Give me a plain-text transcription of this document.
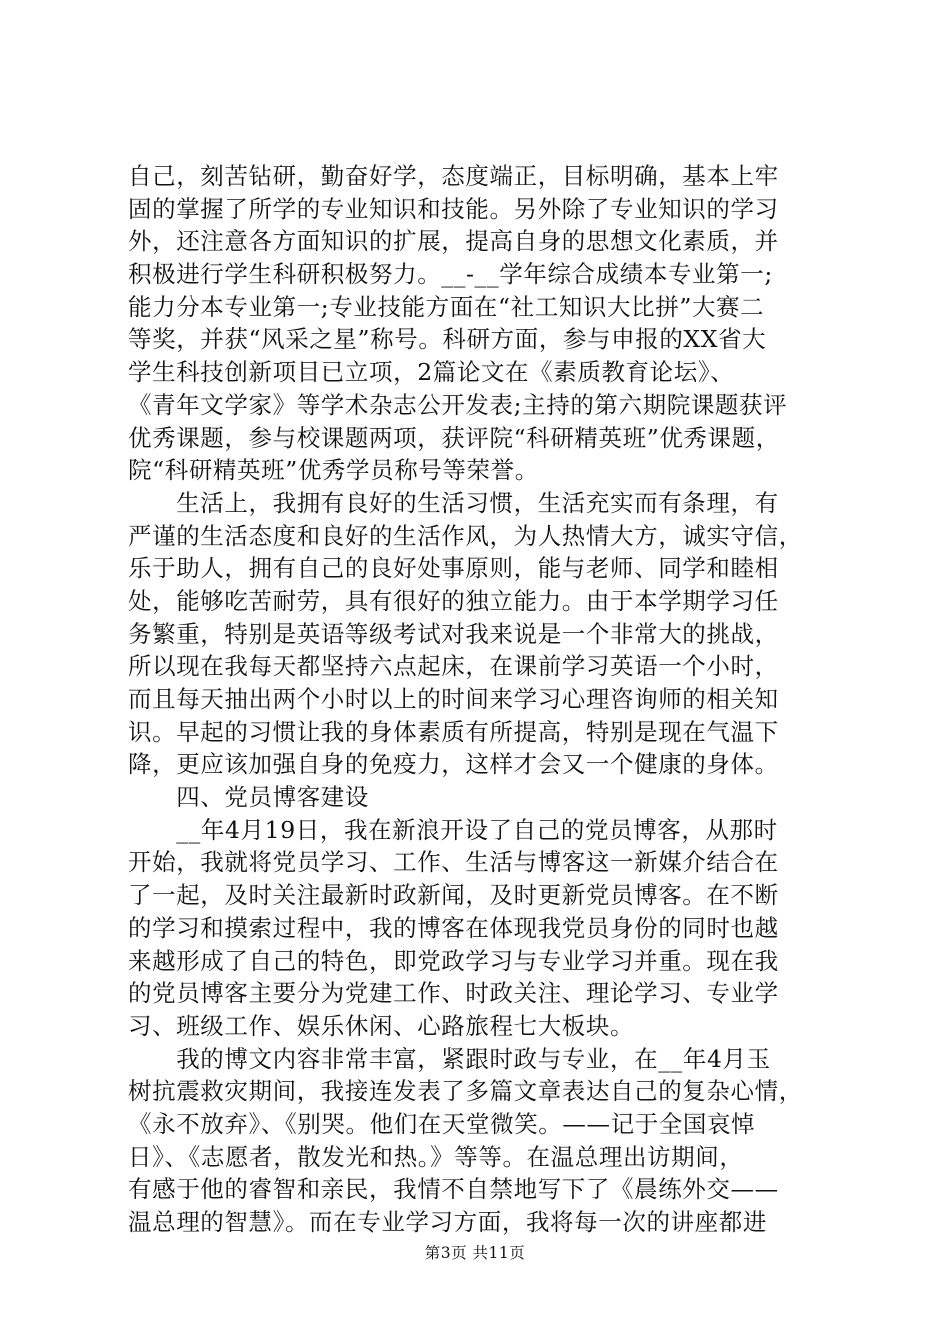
自己，刻苦钻研，勤奋好学，态度端正，目标明确，基本上牢
固的掌握了所学的专业知识和技能。另外除了专业知识的学习
外，还注意各方面知识的扩展，提高自身的思想文化素质，并
积极进行学生科研积极努力。__-__学年综合成绩本专业第一;
能力分本专业第一;专业技能方面在“社工知识大比拼”大赛二
等奖，并获“风采之星”称号。科研方面，参与申报的XX省大
学生科技创新项目已立项，2篇论文在《素质教育论坛》、
《青年文学家》等学术杂志公开发表;主持的第六期院课题获评
优秀课题，参与校课题两项，获评院“科研精英班”优秀课题，
院“科研精英班”优秀学员称号等荣誉。
　　生活上，我拥有良好的生活习惯，生活充实而有条理，有
严谨的生活态度和良好的生活作风，为人热情大方，诚实守信，
乐于助人，拥有自己的良好处事原则，能与老师、同学和睦相
处，能够吃苦耐劳，具有很好的独立能力。由于本学期学习任
务繁重，特别是英语等级考试对我来说是一个非常大的挑战，
所以现在我每天都坚持六点起床，在课前学习英语一个小时，
而且每天抽出两个小时以上的时间来学习心理咨询师的相关知
识。早起的习惯让我的身体素质有所提高，特别是现在气温下
降，更应该加强自身的免疫力，这样才会又一个健康的身体。
　　四、党员博客建设
　　__年4月19日，我在新浪开设了自己的党员博客，从那时
开始，我就将党员学习、工作、生活与博客这一新媒介结合在
了一起，及时关注最新时政新闻，及时更新党员博客。在不断
的学习和摸索过程中，我的博客在体现我党员身份的同时也越
来越形成了自己的特色，即党政学习与专业学习并重。现在我
的党员博客主要分为党建工作、时政关注、理论学习、专业学
习、班级工作、娱乐休闲、心路旅程七大板块。
　　我的博文内容非常丰富，紧跟时政与专业，在__年4月玉
树抗震救灾期间，我接连发表了多篇文章表达自己的复杂心情，
《永不放弃》、《别哭。他们在天堂微笑。——记于全国哀悼
日》、《志愿者，散发光和热。》等等。在温总理出访期间，
有感于他的睿智和亲民，我情不自禁地写下了《晨练外交——
温总理的智慧》。而在专业学习方面，我将每一次的讲座都进
第3页 共11页
